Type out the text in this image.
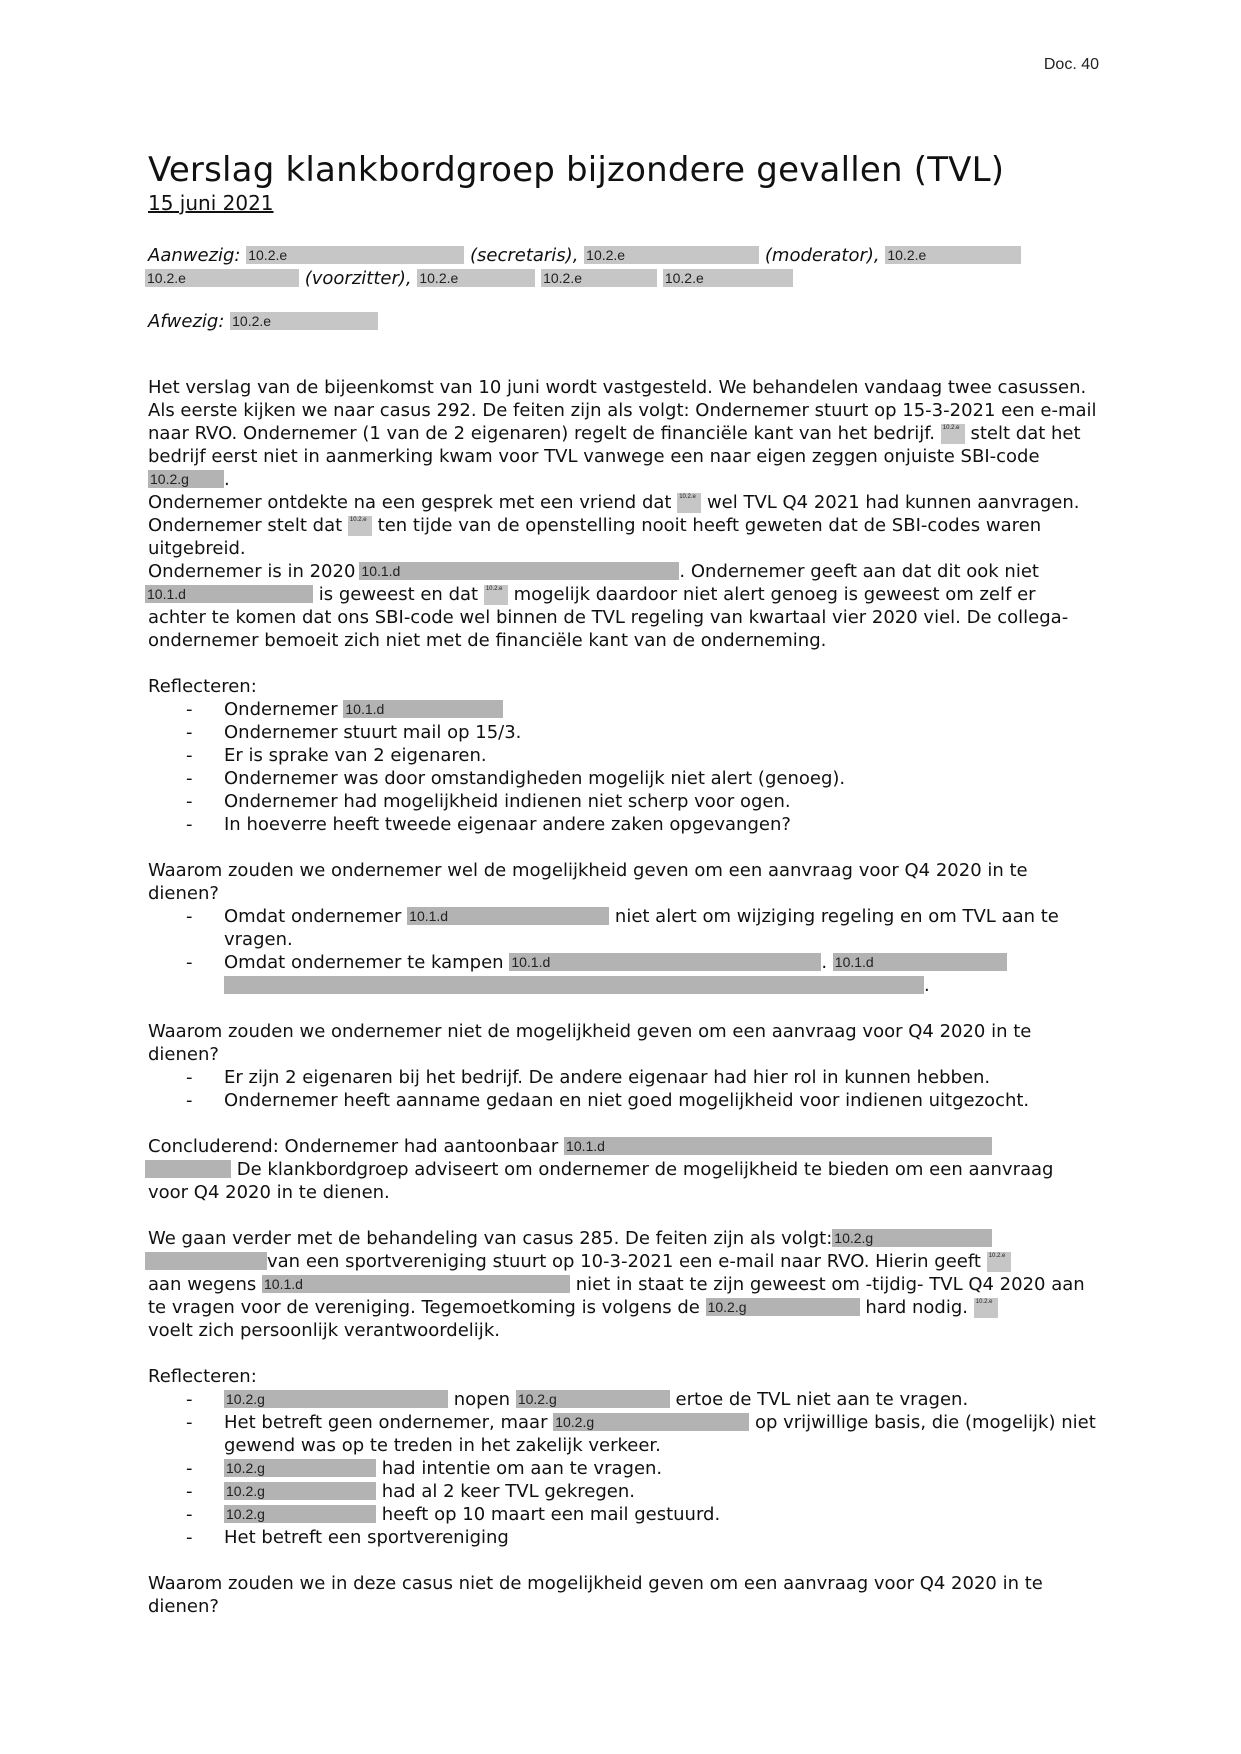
Doc. 40
Verslag klankbordgroep bijzondere gevallen (TVL)
15 juni 2021

Aanwezig: 10.2.e	(secretaris), 10.2.e	(moderator), 10.2.e
10.2.e	(voorzitter), 10.2.e	10.2.e	10.2.e

Afwezig: 10.2.e

Het verslag van de bijeenkomst van 10 juni wordt vastgesteld. We behandelen vandaag twee casussen. Als eerste kijken we naar casus 292. De feiten zijn als volgt: Ondernemer stuurt op 15-3-2021 een e-mail naar RVO. Ondernemer (1 van de 2 eigenaren) regelt de financiële kant van het bedrijf. 10.2.e stelt dat het bedrijf eerst niet in aanmerking kwam voor TVL vanwege een naar eigen zeggen onjuiste SBI-code 10.2.g .
Ondernemer ontdekte na een gesprek met een vriend dat 10.2.e wel TVL Q4 2021 had kunnen aanvragen. Ondernemer stelt dat 10.2.e ten tijde van de openstelling nooit heeft geweten dat de SBI-codes waren uitgebreid.
Ondernemer is in 2020 10.1.d	. Ondernemer geeft aan dat dit ook niet
10.1.d	is geweest en dat 10.2.e mogelijk daardoor niet alert genoeg is geweest om zelf er achter te komen dat ons SBI-code wel binnen de TVL regeling van kwartaal vier 2020 viel. De collega-ondernemer bemoeit zich niet met de financiële kant van de onderneming.

Reflecteren:

- Ondernemer 10.1.d
- Ondernemer stuurt mail op 15/3.
- Er is sprake van 2 eigenaren.
- Ondernemer was door omstandigheden mogelijk niet alert (genoeg).
- Ondernemer had mogelijkheid indienen niet scherp voor ogen.
- In hoeverre heeft tweede eigenaar andere zaken opgevangen?

Waarom zouden we ondernemer wel de mogelijkheid geven om een aanvraag voor Q4 2020 in te dienen?

- Omdat ondernemer 10.1.d	niet alert om wijziging regeling en om TVL aan te vragen.
- Omdat ondernemer te kampen 10.1.d	. 10.1.d
.

Waarom zouden we ondernemer niet de mogelijkheid geven om een aanvraag voor Q4 2020 in te dienen?

- Er zijn 2 eigenaren bij het bedrijf. De andere eigenaar had hier rol in kunnen hebben.
- Ondernemer heeft aanname gedaan en niet goed mogelijkheid voor indienen uitgezocht.

Concluderend: Ondernemer had aantoonbaar 10.1.d
De klankbordgroep adviseert om ondernemer de mogelijkheid te bieden om een aanvraag voor Q4 2020 in te dienen.

We gaan verder met de behandeling van casus 285. De feiten zijn als volgt: 10.2.g
van een sportvereniging stuurt op 10-3-2021 een e-mail naar RVO. Hierin geeft 10.2.e
aan wegens 10.1.d	niet in staat te zijn geweest om -tijdig- TVL Q4 2020 aan te vragen voor de vereniging. Tegemoetkoming is volgens de 10.2.g	hard nodig. 10.2.e
voelt zich persoonlijk verantwoordelijk.

Reflecteren:

- 10.2.g	nopen 10.2.g	ertoe de TVL niet aan te vragen.
- Het betreft geen ondernemer, maar 10.2.g	op vrijwillige basis, die (mogelijk) niet gewend was op te treden in het zakelijk verkeer.
- 10.2.g	had intentie om aan te vragen.
- 10.2.g	had al 2 keer TVL gekregen.
- 10.2.g	heeft op 10 maart een mail gestuurd.
- Het betreft een sportvereniging

Waarom zouden we in deze casus niet de mogelijkheid geven om een aanvraag voor Q4 2020 in te dienen?
